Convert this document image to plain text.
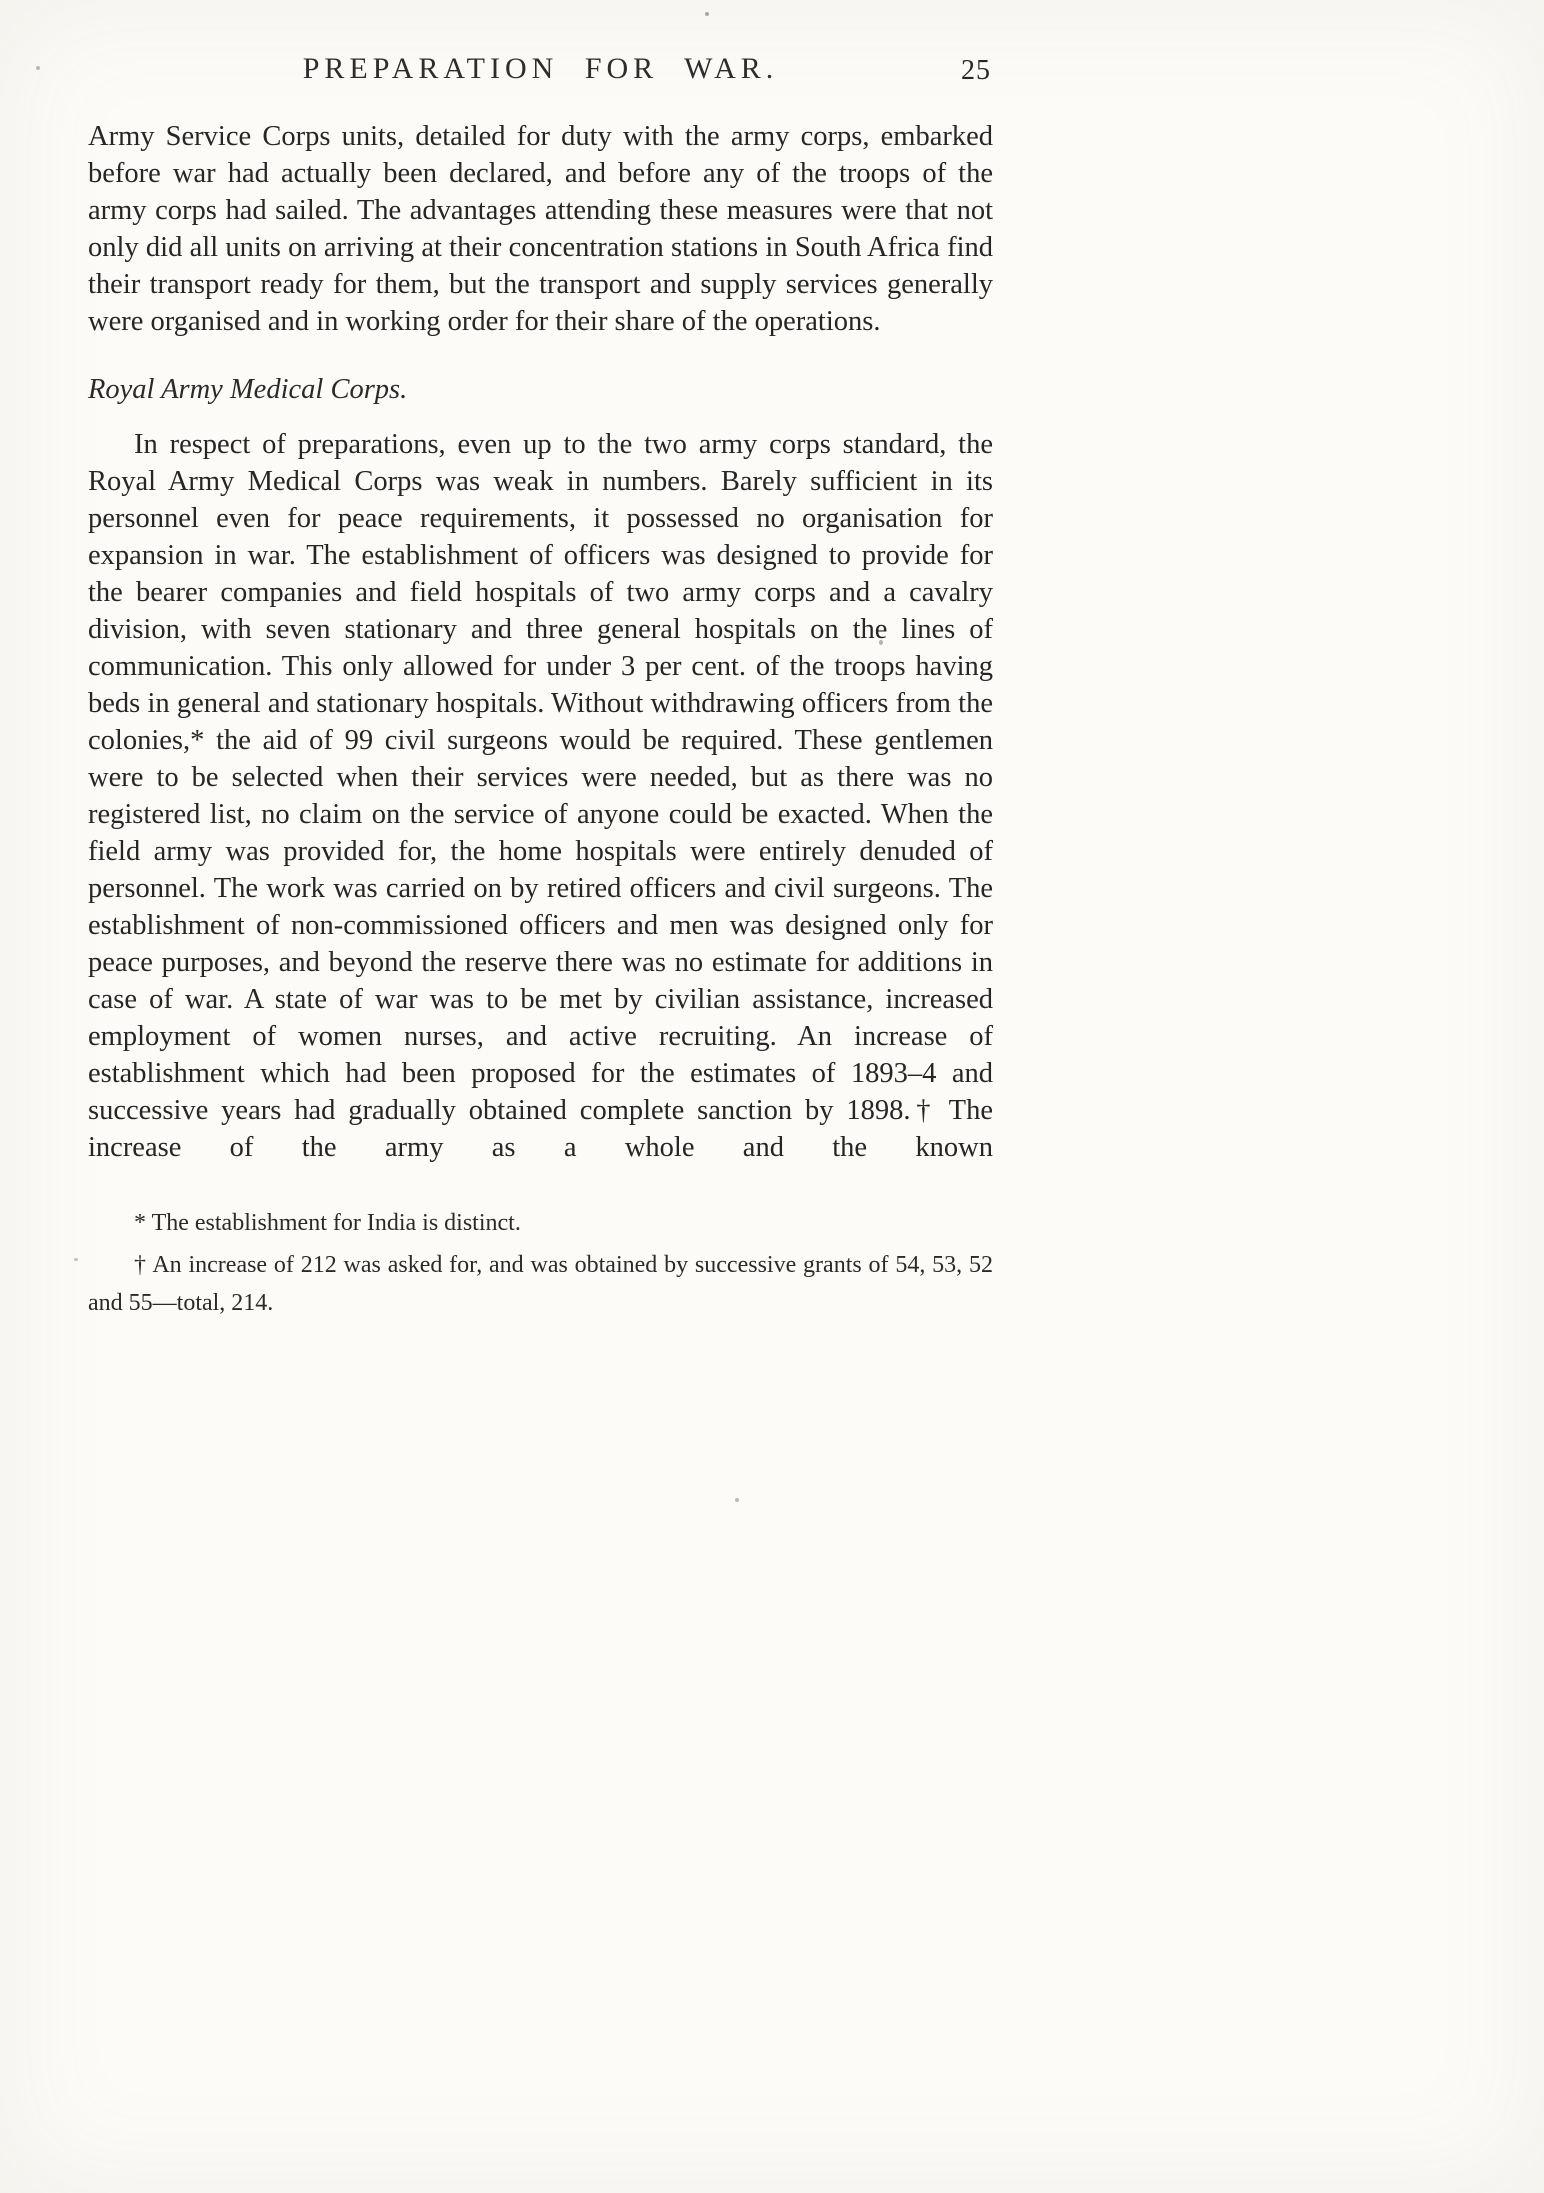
PREPARATION FOR WAR.	25

Army Service Corps units, detailed for duty with the army corps, embarked before war had actually been declared, and before any of the troops of the army corps had sailed. The advantages attending these measures were that not only did all units on arriving at their concentration stations in South Africa find their transport ready for them, but the transport and supply services generally were organised and in working order for their share of the operations.

Royal Army Medical Corps.

In respect of preparations, even up to the two army corps standard, the Royal Army Medical Corps was weak in numbers. Barely sufficient in its personnel even for peace requirements, it possessed no organisation for expansion in war. The establishment of officers was designed to provide for the bearer companies and field hospitals of two army corps and a cavalry division, with seven stationary and three general hospitals on the lines of communication. This only allowed for under 3 per cent. of the troops having beds in general and stationary hospitals. Without withdrawing officers from the colonies,* the aid of 99 civil surgeons would be required. These gentlemen were to be selected when their services were needed, but as there was no registered list, no claim on the service of anyone could be exacted. When the field army was provided for, the home hospitals were entirely denuded of personnel. The work was carried on by retired officers and civil surgeons. The establishment of non-commissioned officers and men was designed only for peace purposes, and beyond the reserve there was no estimate for additions in case of war. A state of war was to be met by civilian assistance, increased employment of women nurses, and active recruiting. An increase of establishment which had been proposed for the estimates of 1893–4 and successive years had gradually obtained complete sanction by 1898.† The increase of the army as a whole and the known

* The establishment for India is distinct.

† An increase of 212 was asked for, and was obtained by successive grants of 54, 53, 52 and 55—total, 214.
